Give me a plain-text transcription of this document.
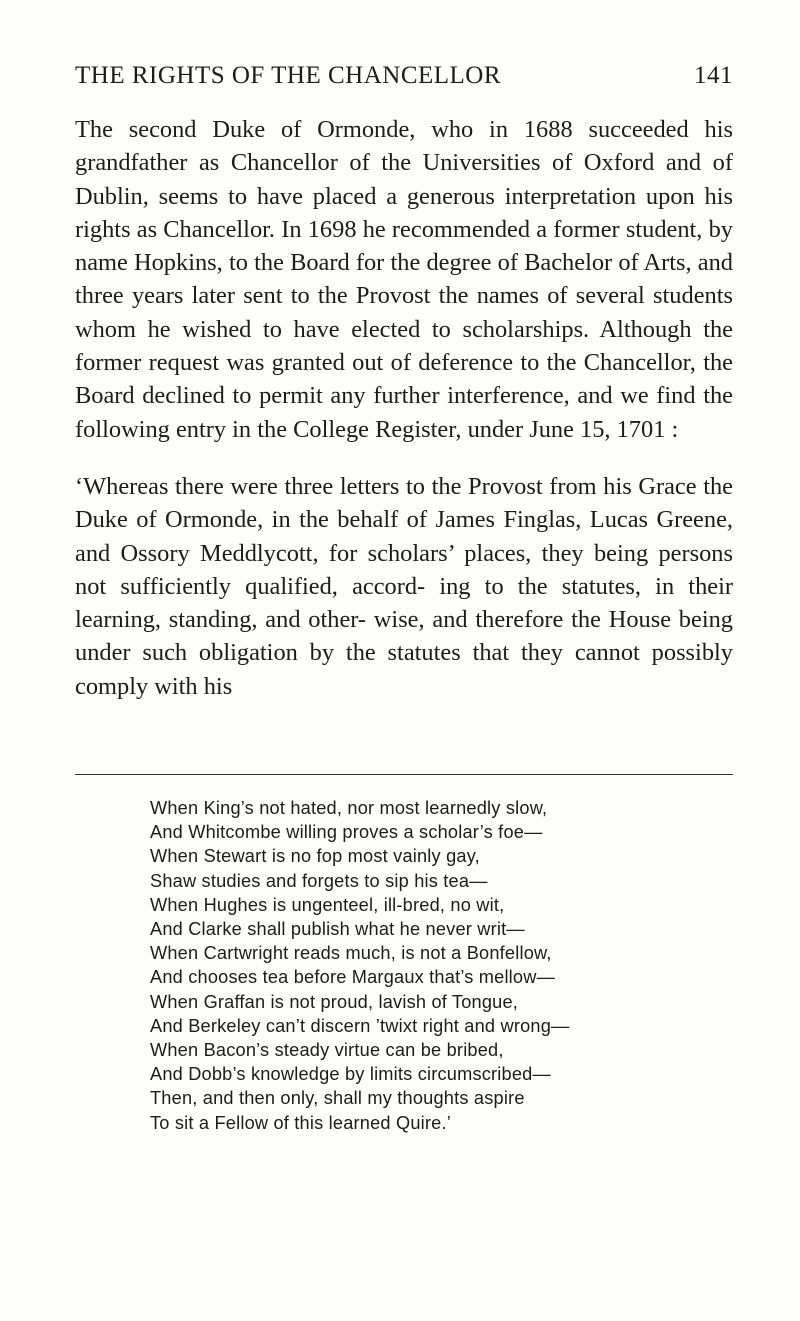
THE RIGHTS OF THE CHANCELLOR	141

The second Duke of Ormonde, who in 1688 succeeded his grandfather as Chancellor of the Universities of Oxford and of Dublin, seems to have placed a generous interpretation upon his rights as Chancellor. In 1698 he recommended a former student, by name Hopkins, to the Board for the degree of Bachelor of Arts, and three years later sent to the Provost the names of several students whom he wished to have elected to scholarships. Although the former request was granted out of deference to the Chancellor, the Board declined to permit any further interference, and we find the following entry in the College Register, under June 15, 1701 :

‘Whereas there were three letters to the Provost from his Grace the Duke of Ormonde, in the behalf of James Finglas, Lucas Greene, and Ossory Meddlycott, for scholars’ places, they being persons not sufficiently qualified, accord- ing to the statutes, in their learning, standing, and other- wise, and therefore the House being under such obligation by the statutes that they cannot possibly comply with his

When King’s not hated, nor most learnedly slow,
And Whitcombe willing proves a scholar’s foe—
When Stewart is no fop most vainly gay,
Shaw studies and forgets to sip his tea—
When Hughes is ungenteel, ill-bred, no wit,
And Clarke shall publish what he never writ—
When Cartwright reads much, is not a Bonfellow,
And chooses tea before Margaux that’s mellow—
When Graffan is not proud, lavish of Tongue,
And Berkeley can’t discern ’twixt right and wrong—
When Bacon’s steady virtue can be bribed,
And Dobb’s knowledge by limits circumscribed—
Then, and then only, shall my thoughts aspire
To sit a Fellow of this learned Quire.’
